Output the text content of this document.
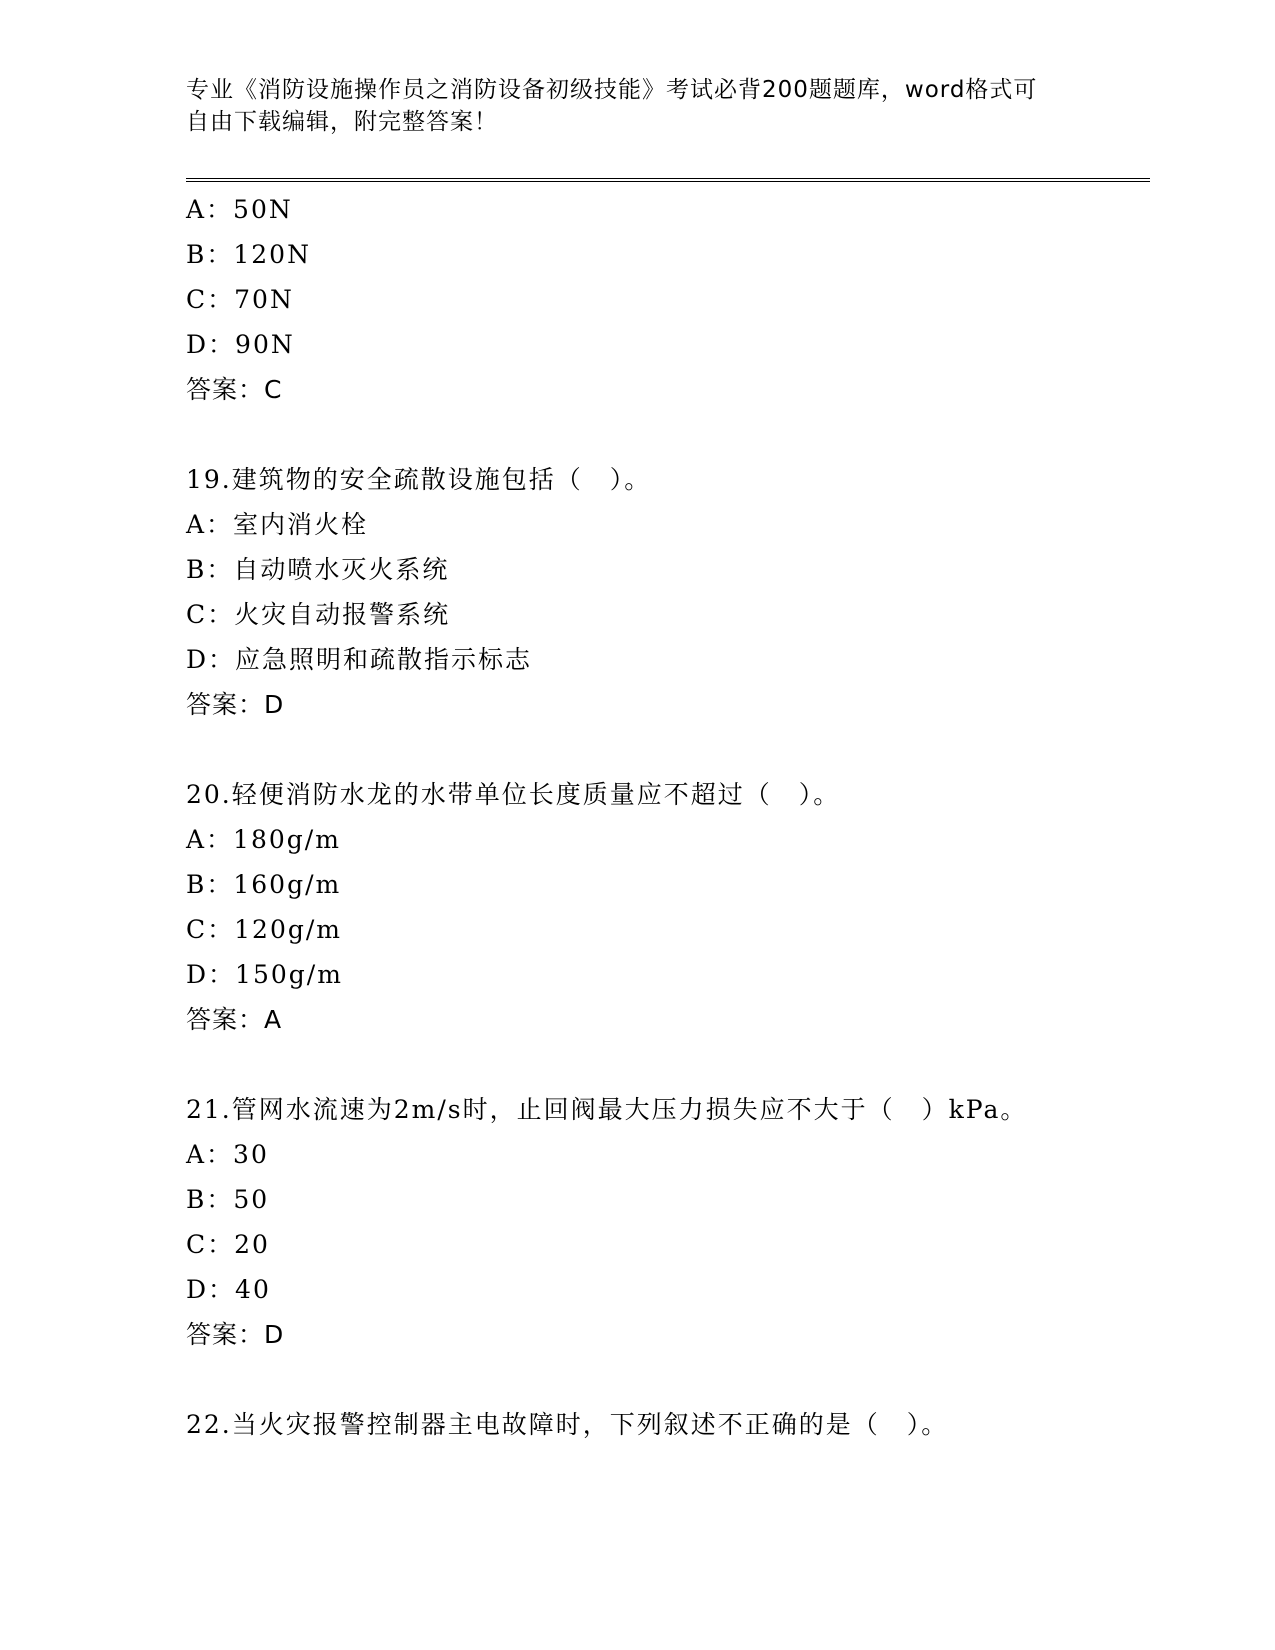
专业《消防设施操作员之消防设备初级技能》考试必背200题题库，word格式可
自由下载编辑，附完整答案！
A：50N
B：120N
C：70N
D：90N
答案：C
19.建筑物的安全疏散设施包括（　）。
A：室内消火栓
B：自动喷水灭火系统
C：火灾自动报警系统
D：应急照明和疏散指示标志
答案：D
20.轻便消防水龙的水带单位长度质量应不超过（　）。
A：180g/m
B：160g/m
C：120g/m
D：150g/m
答案：A
21.管网水流速为2m/s时，止回阀最大压力损失应不大于（　）kPa。
A：30
B：50
C：20
D：40
答案：D
22.当火灾报警控制器主电故障时，下列叙述不正确的是（　）。
